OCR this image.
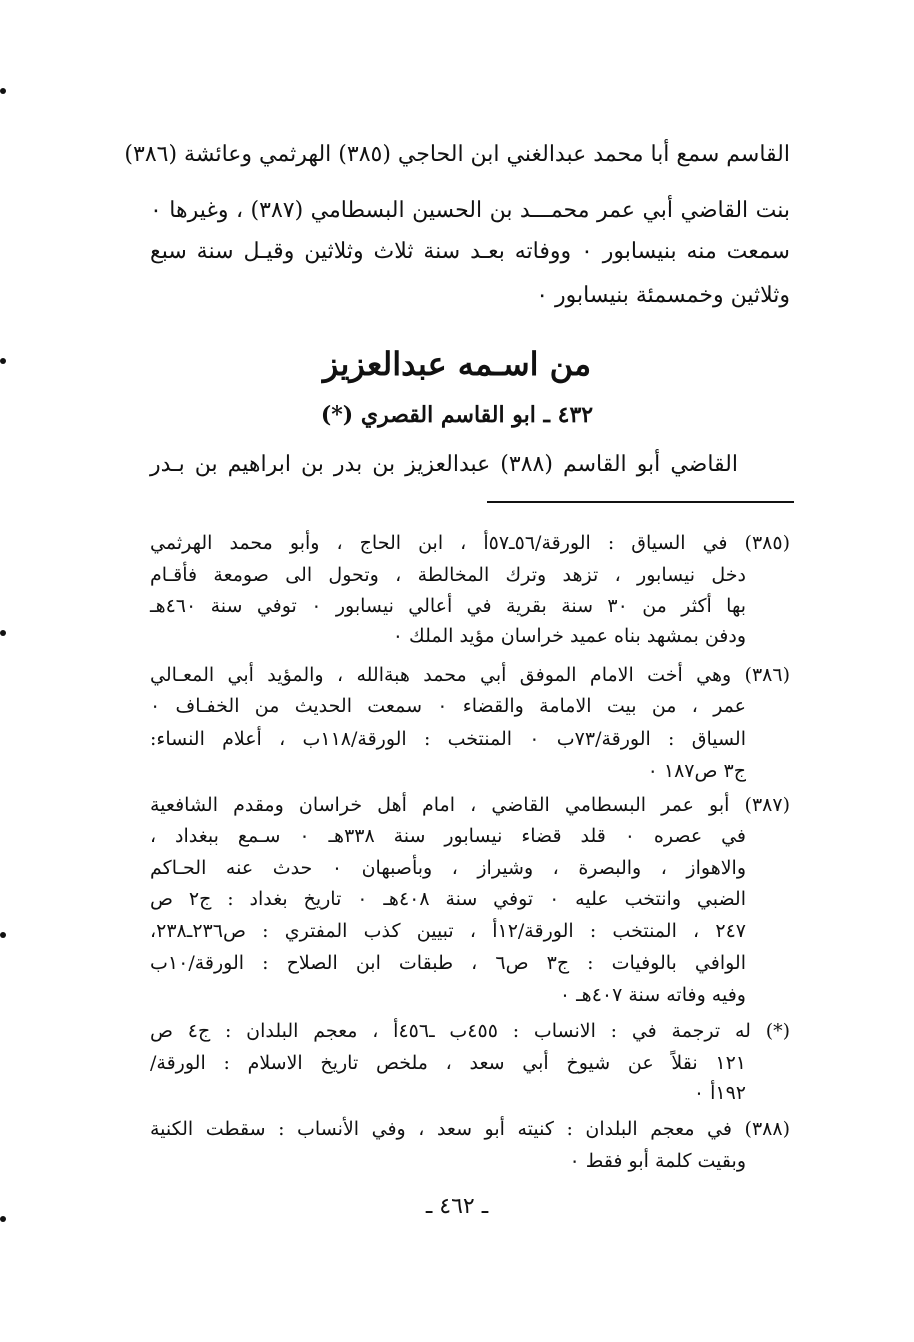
القاسم سمع أبا محمد عبدالغني ابن الحاجي (٣٨٥) الهرثمي وعائشة (٣٨٦)
بنت القاضي أبي عمر محمـــد بن الحسين البسطامي (٣٨٧) ، وغيرها ٠
سمعت منه بنيسابور ٠ ووفاته بعـد سنة ثلاث وثلاثين وقيـل سنة سبع
وثلاثين وخمسمئة بنيسابور ٠
من اسـمه عبدالعزيز
٤٣٢ ـ ابو القاسم القصري (*)
القاضي أبو القاسم (٣٨٨) عبدالعزيز بن بدر بن ابراهيم بن بـدر
(٣٨٥) في السياق : الورقة/٥٦ـ٥٧أ ، ابن الحاج ، وأبو محمد الهرثمي
دخل نيسابور ، تزهد وترك المخالطة ، وتحول الى صومعة فأقـام
بها أكثر من ٣٠ سنة بقرية في أعالي نيسابور ٠ توفي سنة ٤٦٠هـ
ودفن بمشهد بناه عميد خراسان مؤيد الملك ٠
(٣٨٦) وهي أخت الامام الموفق أبي محمد هبةالله ، والمؤيد أبي المعـالي
عمر ، من بيت الامامة والقضاء ٠ سمعت الحديث من الخفـاف ٠
السياق : الورقة/٧٣ب ٠ المنتخب : الورقة/١١٨ب ، أعلام النساء:
ج٣ ص١٨٧ ٠
(٣٨٧) أبو عمر البسطامي القاضي ، امام أهل خراسان ومقدم الشافعية
في عصره ٠ قلد قضاء نيسابور سنة ٣٣٨هـ ٠ سـمع ببغداد ،
والاهواز ، والبصرة ، وشيراز ، وبأصبهان ٠ حدث عنه الحـاكم
الضبي وانتخب عليه ٠ توفي سنة ٤٠٨هـ ٠ تاريخ بغداد : ج٢ ص
٢٤٧ ، المنتخب : الورقة/١٢أ ، تبيين كذب المفتري : ص٢٣٦ـ٢٣٨،
الوافي بالوفيات : ج٣ ص٦ ، طبقات ابن الصلاح : الورقة/١٠ب
وفيه وفاته سنة ٤٠٧هـ ٠
(*) له ترجمة في : الانساب : ٤٥٥ب ـ٤٥٦أ ، معجم البلدان : ج٤ ص
١٢١ نقلاً عن شيوخ أبي سعد ، ملخص تاريخ الاسلام : الورقة/
١٩٢أ ٠
(٣٨٨) في معجم البلدان : كنيته أبو سعد ، وفي الأنساب : سقطت الكنية
وبقيت كلمة أبو فقط ٠
ـ ٤٦٢ ـ
